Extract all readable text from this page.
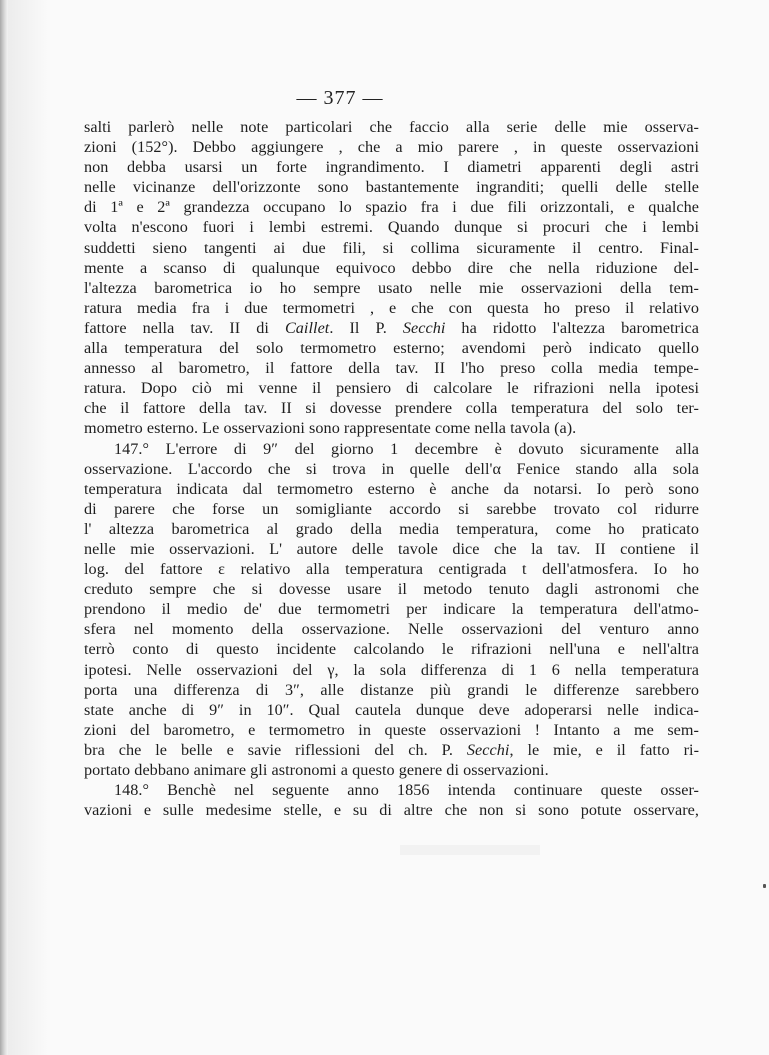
— 377 —
salti parlerò nelle note particolari che faccio alla serie delle mie osserva-
zioni (152°). Debbo aggiungere , che a mio parere , in queste osservazioni
non debba usarsi un forte ingrandimento. I diametri apparenti degli astri
nelle vicinanze dell'orizzonte sono bastantemente ingranditi; quelli delle stelle
di 1ª e 2ª grandezza occupano lo spazio fra i due fili orizzontali, e qualche
volta n'escono fuori i lembi estremi. Quando dunque si procuri che i lembi
suddetti sieno tangenti ai due fili, si collima sicuramente il centro. Final-
mente a scanso di qualunque equivoco debbo dire che nella riduzione del-
l'altezza barometrica io ho sempre usato nelle mie osservazioni della tem-
ratura media fra i due termometri , e che con questa ho preso il relativo
fattore nella tav. II di Caillet. Il P. Secchi ha ridotto l'altezza barometrica
alla temperatura del solo termometro esterno; avendomi però indicato quello
annesso al barometro, il fattore della tav. II l'ho preso colla media tempe-
ratura. Dopo ciò mi venne il pensiero di calcolare le rifrazioni nella ipotesi
che il fattore della tav. II si dovesse prendere colla temperatura del solo ter-
mometro esterno. Le osservazioni sono rappresentate come nella tavola (a).
147.° L'errore di 9″ del giorno 1 decembre è dovuto sicuramente alla
osservazione. L'accordo che si trova in quelle dell'α Fenice stando alla sola
temperatura indicata dal termometro esterno è anche da notarsi. Io però sono
di parere che forse un somigliante accordo si sarebbe trovato col ridurre
l' altezza barometrica al grado della media temperatura, come ho praticato
nelle mie osservazioni. L' autore delle tavole dice che la tav. II contiene il
log. del fattore ε relativo alla temperatura centigrada t dell'atmosfera. Io ho
creduto sempre che si dovesse usare il metodo tenuto dagli astronomi che
prendono il medio de' due termometri per indicare la temperatura dell'atmo-
sfera nel momento della osservazione. Nelle osservazioni del venturo anno
terrò conto di questo incidente calcolando le rifrazioni nell'una e nell'altra
ipotesi. Nelle osservazioni del γ, la sola differenza di 1 6 nella temperatura
porta una differenza di 3″, alle distanze più grandi le differenze sarebbero
state anche di 9″ in 10″. Qual cautela dunque deve adoperarsi nelle indica-
zioni del barometro, e termometro in queste osservazioni ! Intanto a me sem-
bra che le belle e savie riflessioni del ch. P. Secchi, le mie, e il fatto ri-
portato debbano animare gli astronomi a questo genere di osservazioni.
148.° Benchè nel seguente anno 1856 intenda continuare queste osser-
vazioni e sulle medesime stelle, e su di altre che non si sono potute osservare,
